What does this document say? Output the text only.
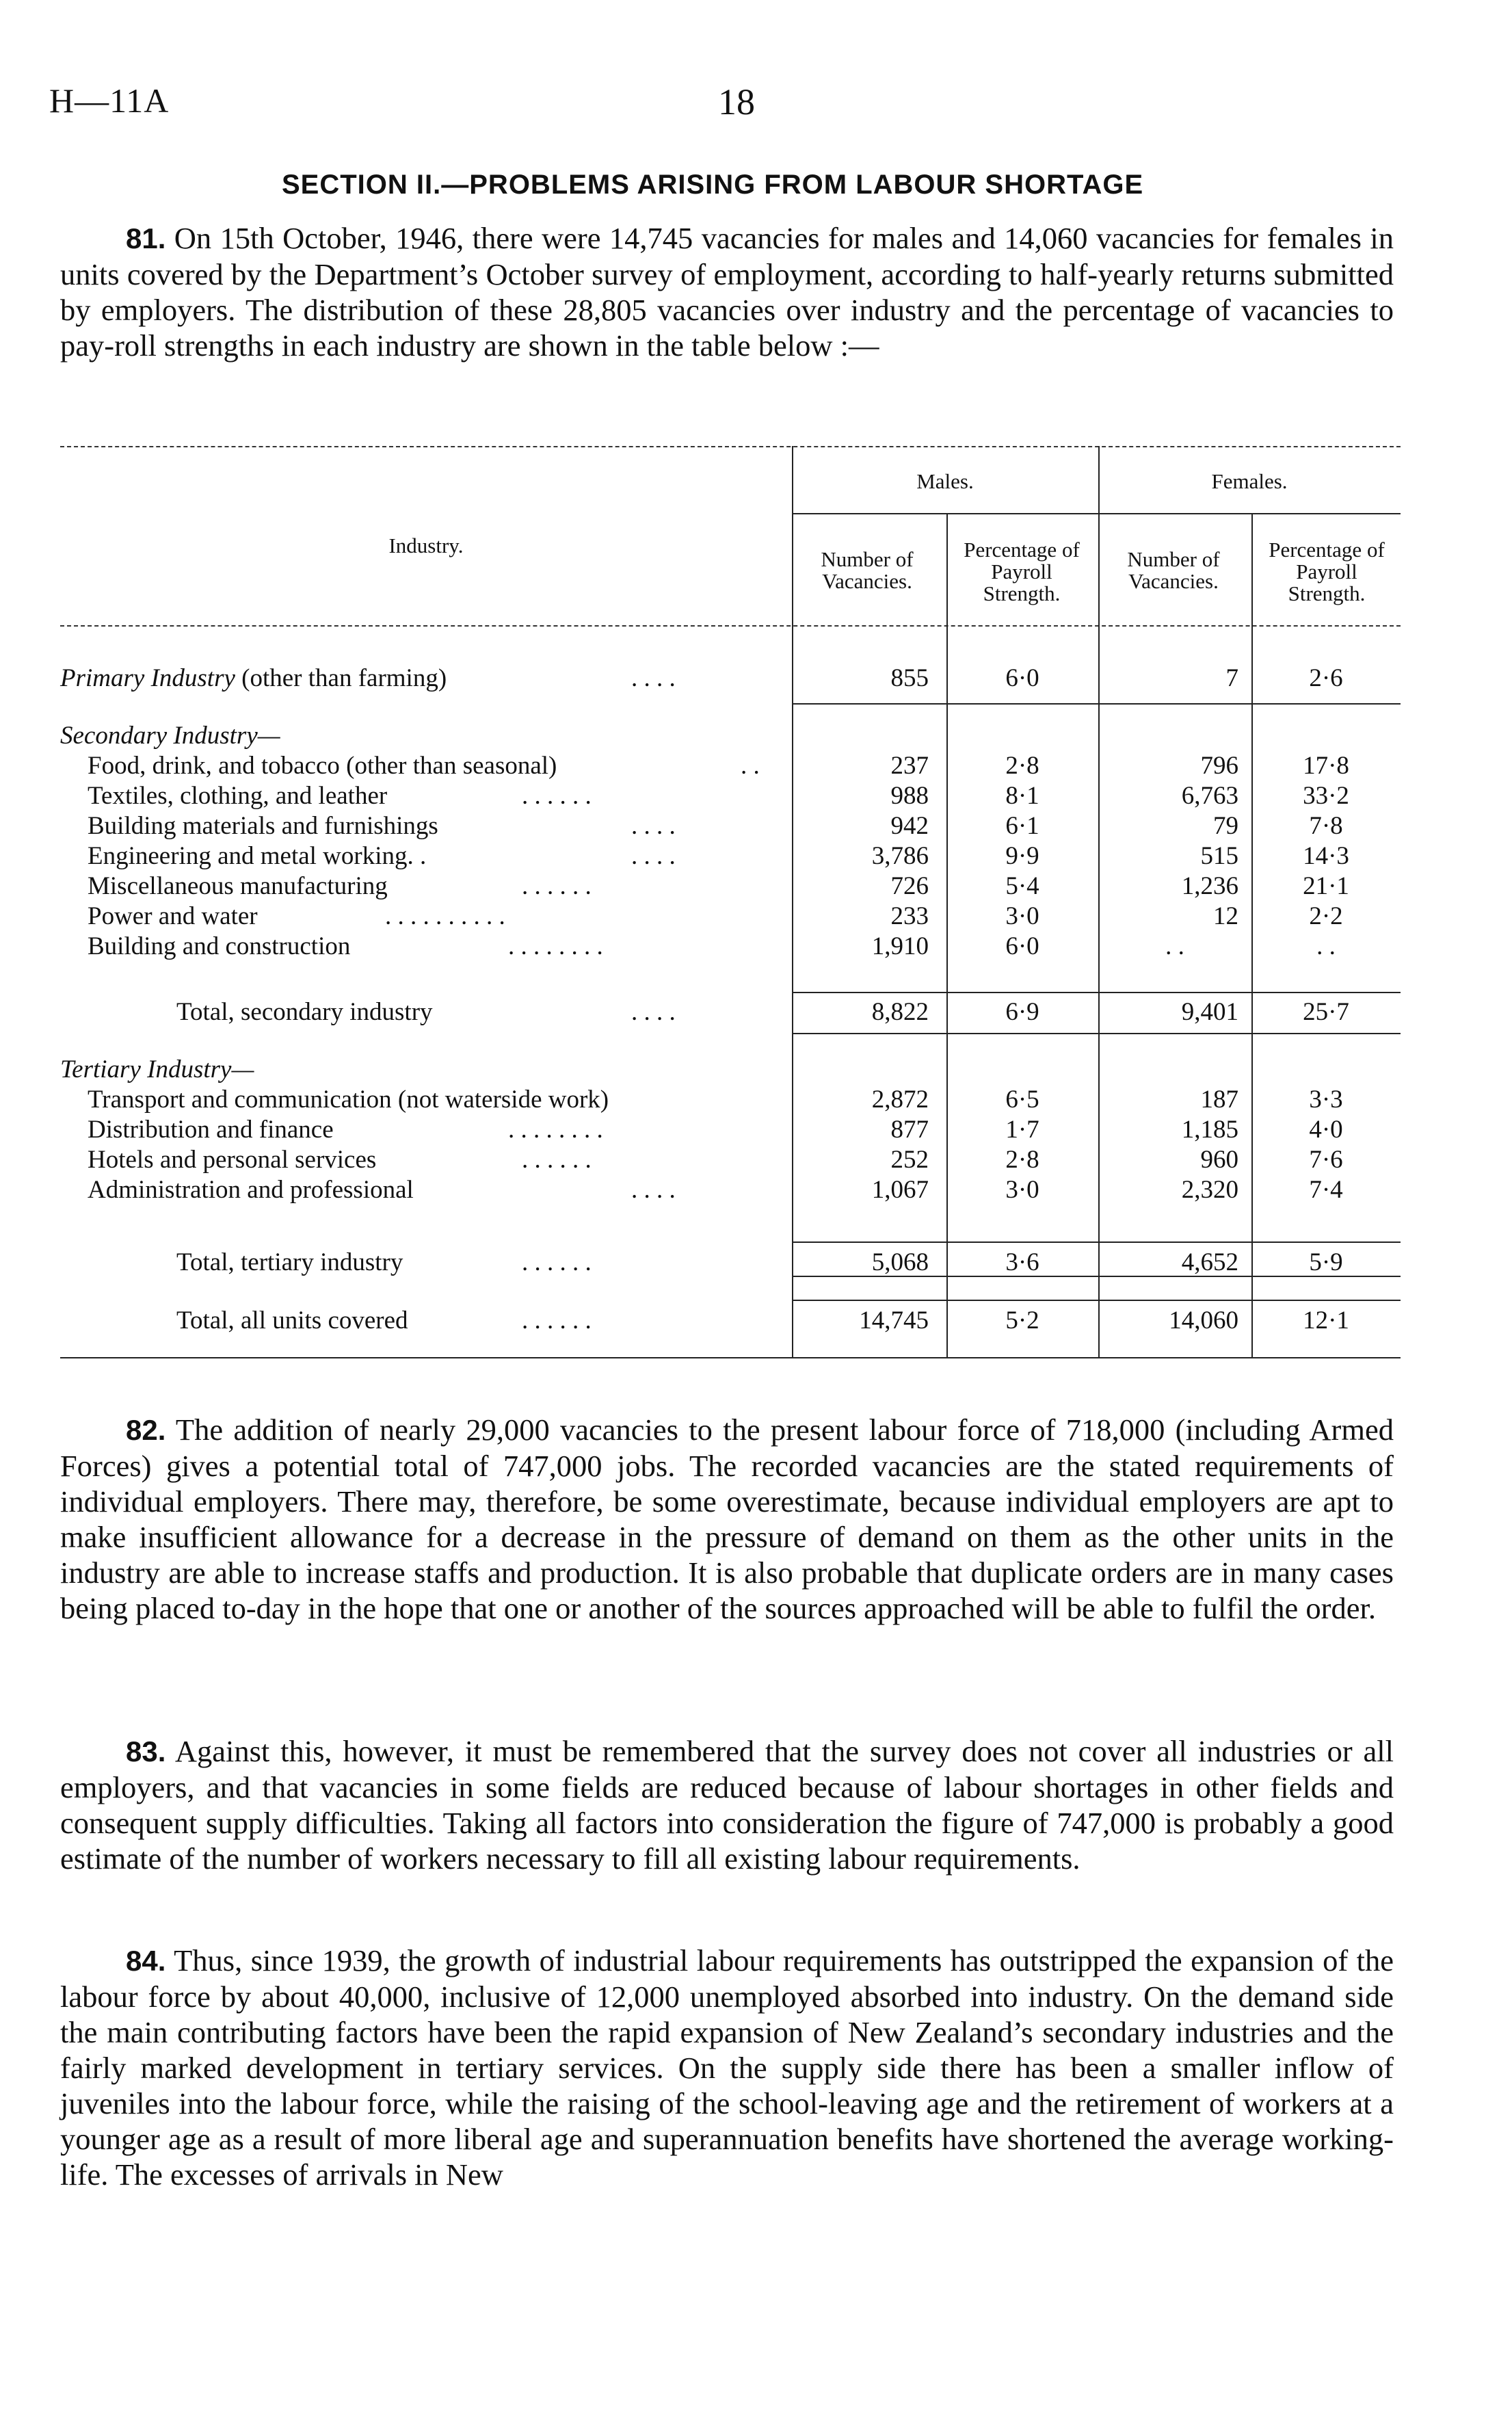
H—11A	18
SECTION II.—PROBLEMS ARISING FROM LABOUR SHORTAGE

81. On 15th October, 1946, there were 14,745 vacancies for males and 14,060 vacancies for females in units covered by the Department’s October survey of employment, according to half-yearly returns submitted by employers. The distribution of these 28,805 vacancies over industry and the percentage of vacancies to pay-roll strengths in each industry are shown in the table below :—

Industry.
Males.	Females.
Number of Vacancies.
Percentage of Payroll Strength.
Number of Vacancies.
Percentage of Payroll Strength.
Primary Industry (other than farming)	. . . .	855	6·0	7	2·6
Secondary Industry—
Food, drink, and tobacco (other than seasonal)	. .	237	2·8	796	17·8
Textiles, clothing, and leather	. . . . . .	988	8·1	6,763	33·2
Building materials and furnishings	. . . .	942	6·1	79	7·8
Engineering and metal working. .	. . . .	3,786	9·9	515	14·3
Miscellaneous manufacturing	. . . . . .	726	5·4	1,236	21·1
Power and water	. . . . . . . . . .	233	3·0	12	2·2
Building and construction	. . . . . . . .	1,910	6·0	. .	. .
Total, secondary industry	. . . .	8,822	6·9	9,401	25·7
Tertiary Industry—
Transport and communication (not waterside work)	2,872	6·5	187	3·3
Distribution and finance	. . . . . . . .	877	1·7	1,185	4·0
Hotels and personal services	. . . . . .	252	2·8	960	7·6
Administration and professional	. . . .	1,067	3·0	2,320	7·4
Total, tertiary industry	. . . . . .	5,068	3·6	4,652	5·9
Total, all units covered	. . . . . .	14,745	5·2	14,060	12·1

82. The addition of nearly 29,000 vacancies to the present labour force of 718,000 (including Armed Forces) gives a potential total of 747,000 jobs. The recorded vacancies are the stated requirements of individual employers. There may, therefore, be some overestimate, because individual employers are apt to make insufficient allowance for a decrease in the pressure of demand on them as the other units in the industry are able to increase staffs and production. It is also probable that duplicate orders are in many cases being placed to-day in the hope that one or another of the sources approached will be able to fulfil the order.

83. Against this, however, it must be remembered that the survey does not cover all industries or all employers, and that vacancies in some fields are reduced because of labour shortages in other fields and consequent supply difficulties. Taking all factors into consideration the figure of 747,000 is probably a good estimate of the number of workers necessary to fill all existing labour requirements.

84. Thus, since 1939, the growth of industrial labour requirements has outstripped the expansion of the labour force by about 40,000, inclusive of 12,000 unemployed absorbed into industry. On the demand side the main contributing factors have been the rapid expansion of New Zealand’s secondary industries and the fairly marked development in tertiary services. On the supply side there has been a smaller inflow of juveniles into the labour force, while the raising of the school-leaving age and the retirement of workers at a younger age as a result of more liberal age and superannuation benefits have shortened the average working-life. The excesses of arrivals in New
